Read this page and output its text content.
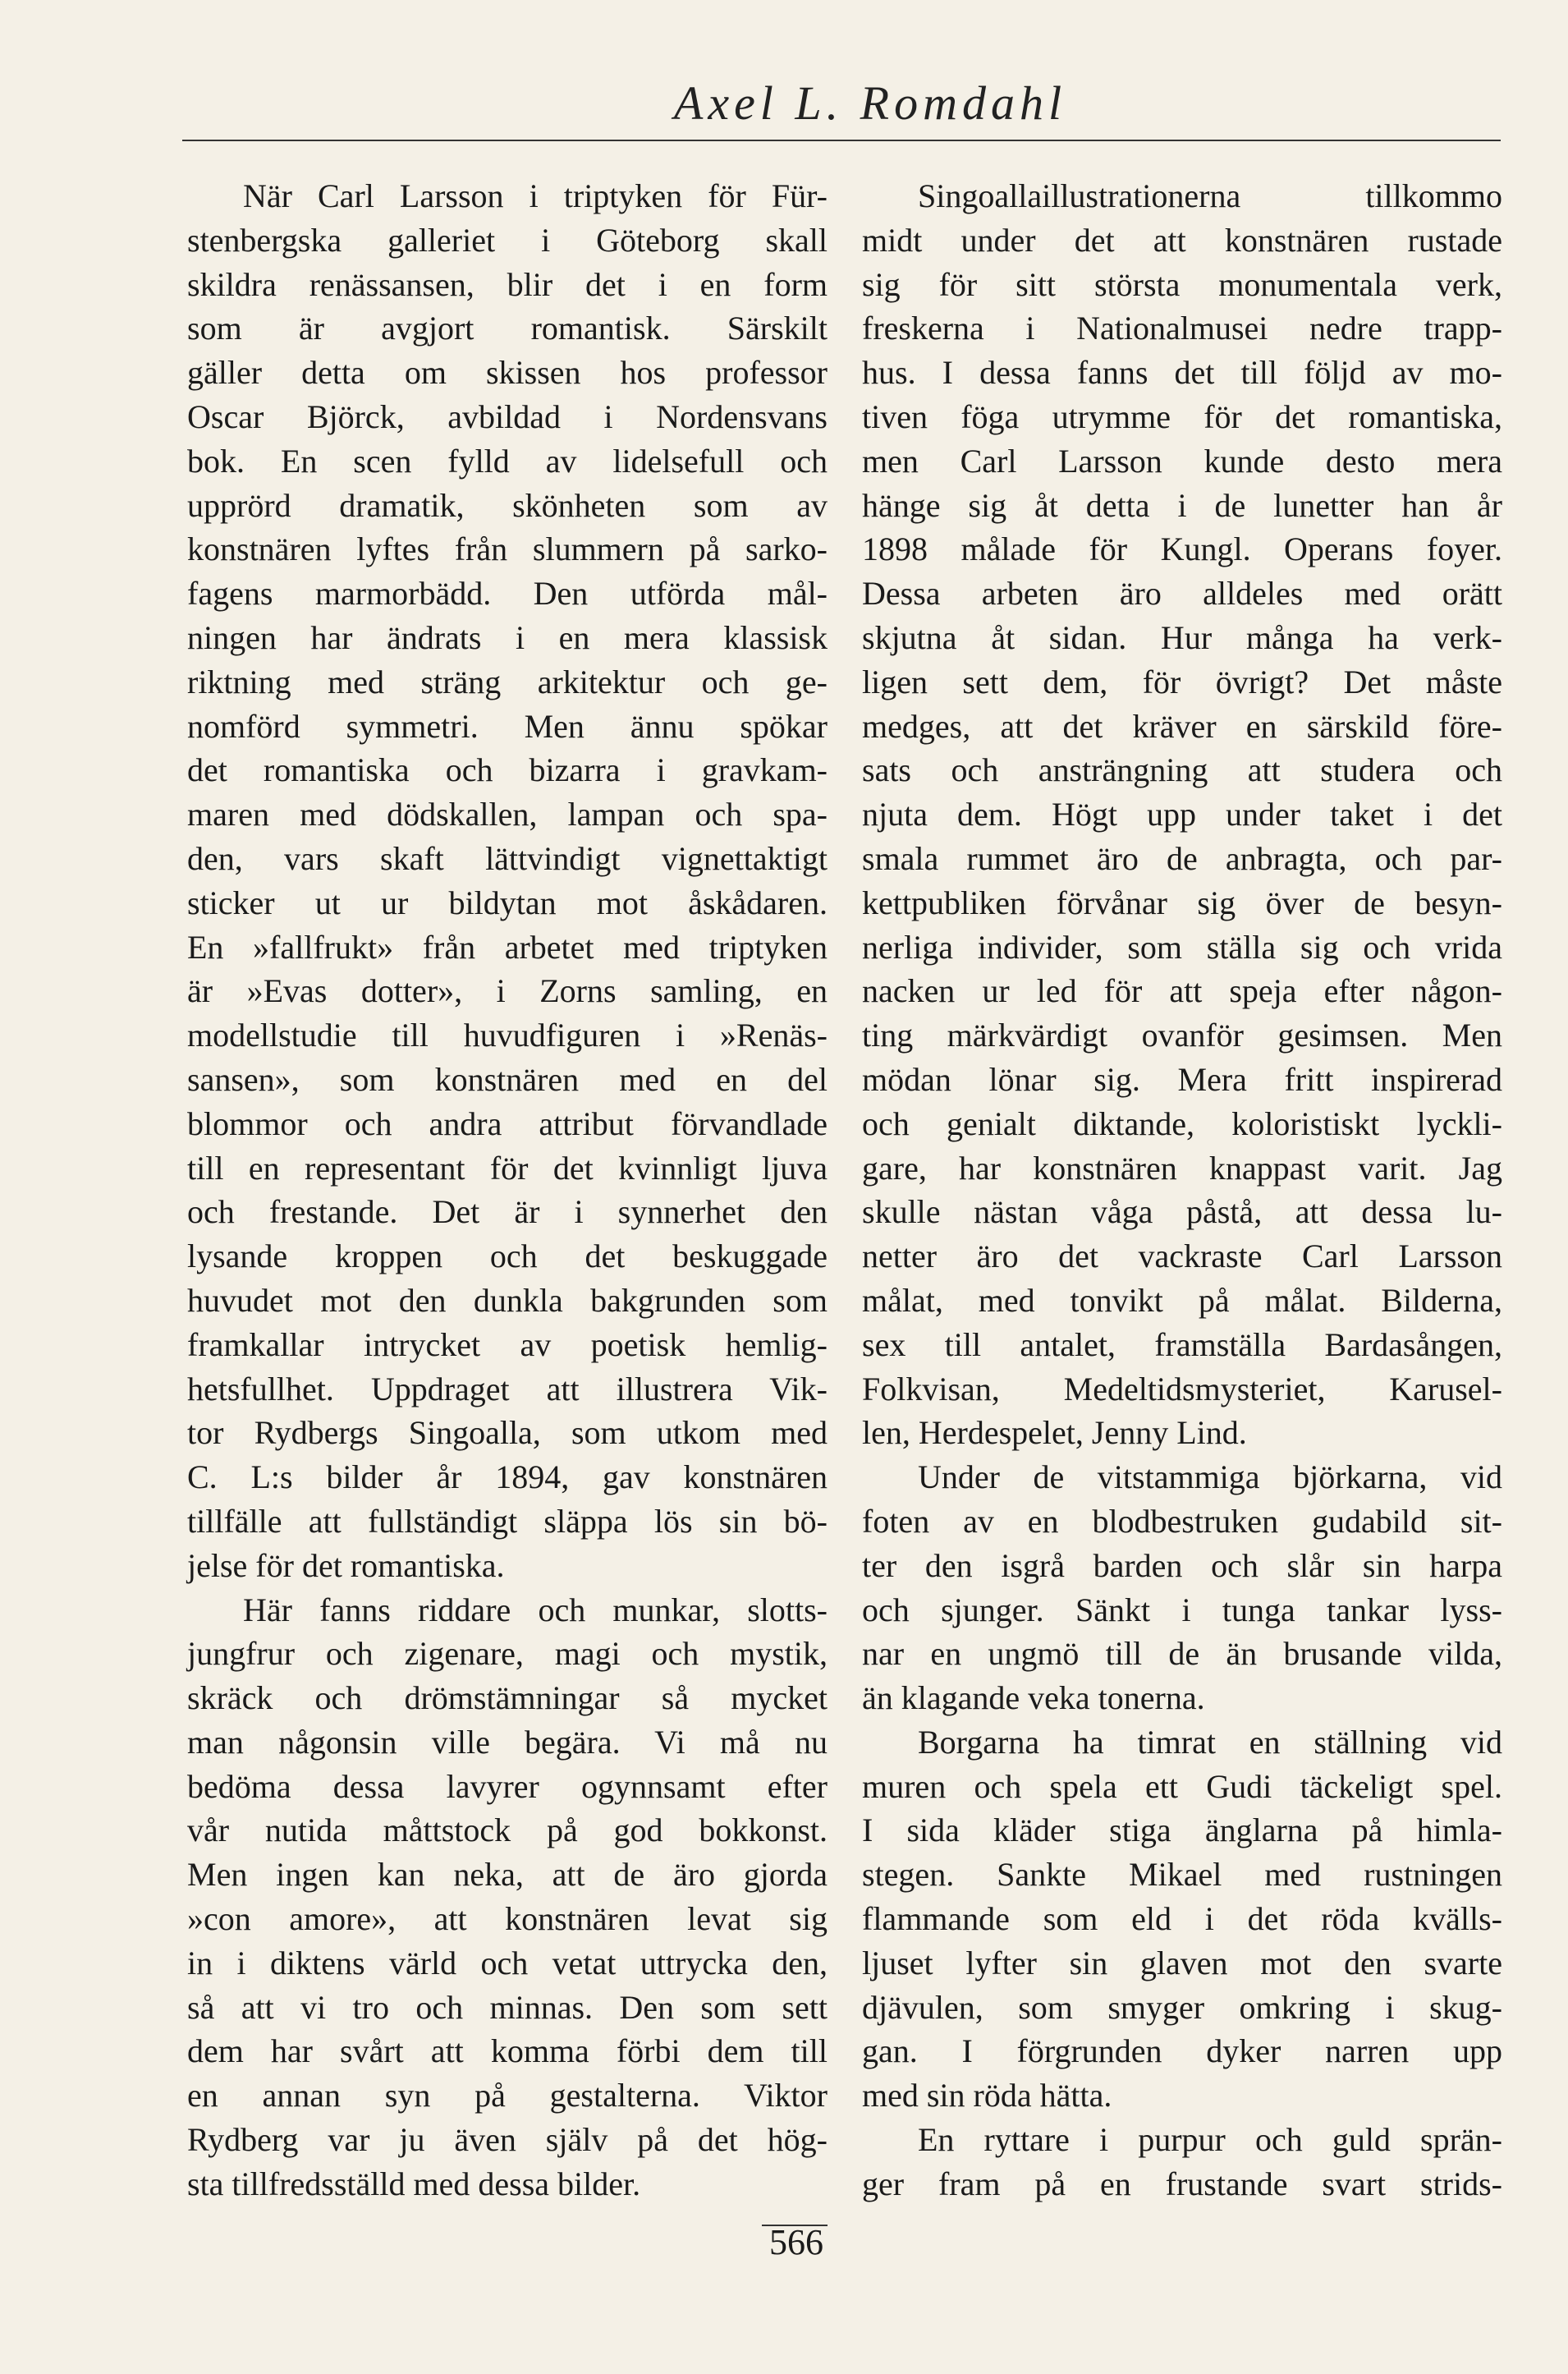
Axel L. Romdahl
När Carl Larsson i triptyken för Für-
stenbergska galleriet i Göteborg skall
skildra renässansen, blir det i en form
som är avgjort romantisk. Särskilt
gäller detta om skissen hos professor
Oscar Björck, avbildad i Nordensvans
bok. En scen fylld av lidelsefull och
upprörd dramatik, skönheten som av
konstnären lyftes från slummern på sarko-
fagens marmorbädd. Den utförda mål-
ningen har ändrats i en mera klassisk
riktning med sträng arkitektur och ge-
nomförd symmetri. Men ännu spökar
det romantiska och bizarra i gravkam-
maren med dödskallen, lampan och spa-
den, vars skaft lättvindigt vignettaktigt
sticker ut ur bildytan mot åskådaren.
En »fallfrukt» från arbetet med triptyken
är »Evas dotter», i Zorns samling, en
modellstudie till huvudfiguren i »Renäs-
sansen», som konstnären med en del
blommor och andra attribut förvandlade
till en representant för det kvinnligt ljuva
och frestande. Det är i synnerhet den
lysande kroppen och det beskuggade
huvudet mot den dunkla bakgrunden som
framkallar intrycket av poetisk hemlig-
hetsfullhet. Uppdraget att illustrera Vik-
tor Rydbergs Singoalla, som utkom med
C. L:s bilder år 1894, gav konstnären
tillfälle att fullständigt släppa lös sin bö-
jelse för det romantiska.
Här fanns riddare och munkar, slotts-
jungfrur och zigenare, magi och mystik,
skräck och drömstämningar så mycket
man någonsin ville begära. Vi må nu
bedöma dessa lavyrer ogynnsamt efter
vår nutida måttstock på god bokkonst.
Men ingen kan neka, att de äro gjorda
»con amore», att konstnären levat sig
in i diktens värld och vetat uttrycka den,
så att vi tro och minnas. Den som sett
dem har svårt att komma förbi dem till
en annan syn på gestalterna. Viktor
Rydberg var ju även själv på det hög-
sta tillfredsställd med dessa bilder.
Singoallaillustrationerna tillkommo
midt under det att konstnären rustade
sig för sitt största monumentala verk,
freskerna i Nationalmusei nedre trapp-
hus. I dessa fanns det till följd av mo-
tiven föga utrymme för det romantiska,
men Carl Larsson kunde desto mera
hänge sig åt detta i de lunetter han år
1898 målade för Kungl. Operans foyer.
Dessa arbeten äro alldeles med orätt
skjutna åt sidan. Hur många ha verk-
ligen sett dem, för övrigt? Det måste
medges, att det kräver en särskild före-
sats och ansträngning att studera och
njuta dem. Högt upp under taket i det
smala rummet äro de anbragta, och par-
kettpubliken förvånar sig över de besyn-
nerliga individer, som ställa sig och vrida
nacken ur led för att speja efter någon-
ting märkvärdigt ovanför gesimsen. Men
mödan lönar sig. Mera fritt inspirerad
och genialt diktande, koloristiskt lyckli-
gare, har konstnären knappast varit. Jag
skulle nästan våga påstå, att dessa lu-
netter äro det vackraste Carl Larsson
målat, med tonvikt på målat. Bilderna,
sex till antalet, framställa Bardasången,
Folkvisan, Medeltidsmysteriet, Karusel-
len, Herdespelet, Jenny Lind.
Under de vitstammiga björkarna, vid
foten av en blodbestruken gudabild sit-
ter den isgrå barden och slår sin harpa
och sjunger. Sänkt i tunga tankar lyss-
nar en ungmö till de än brusande vilda,
än klagande veka tonerna.
Borgarna ha timrat en ställning vid
muren och spela ett Gudi täckeligt spel.
I sida kläder stiga änglarna på himla-
stegen. Sankte Mikael med rustningen
flammande som eld i det röda kvälls-
ljuset lyfter sin glaven mot den svarte
djävulen, som smyger omkring i skug-
gan. I förgrunden dyker narren upp
med sin röda hätta.
En ryttare i purpur och guld sprän-
ger fram på en frustande svart strids-
566
